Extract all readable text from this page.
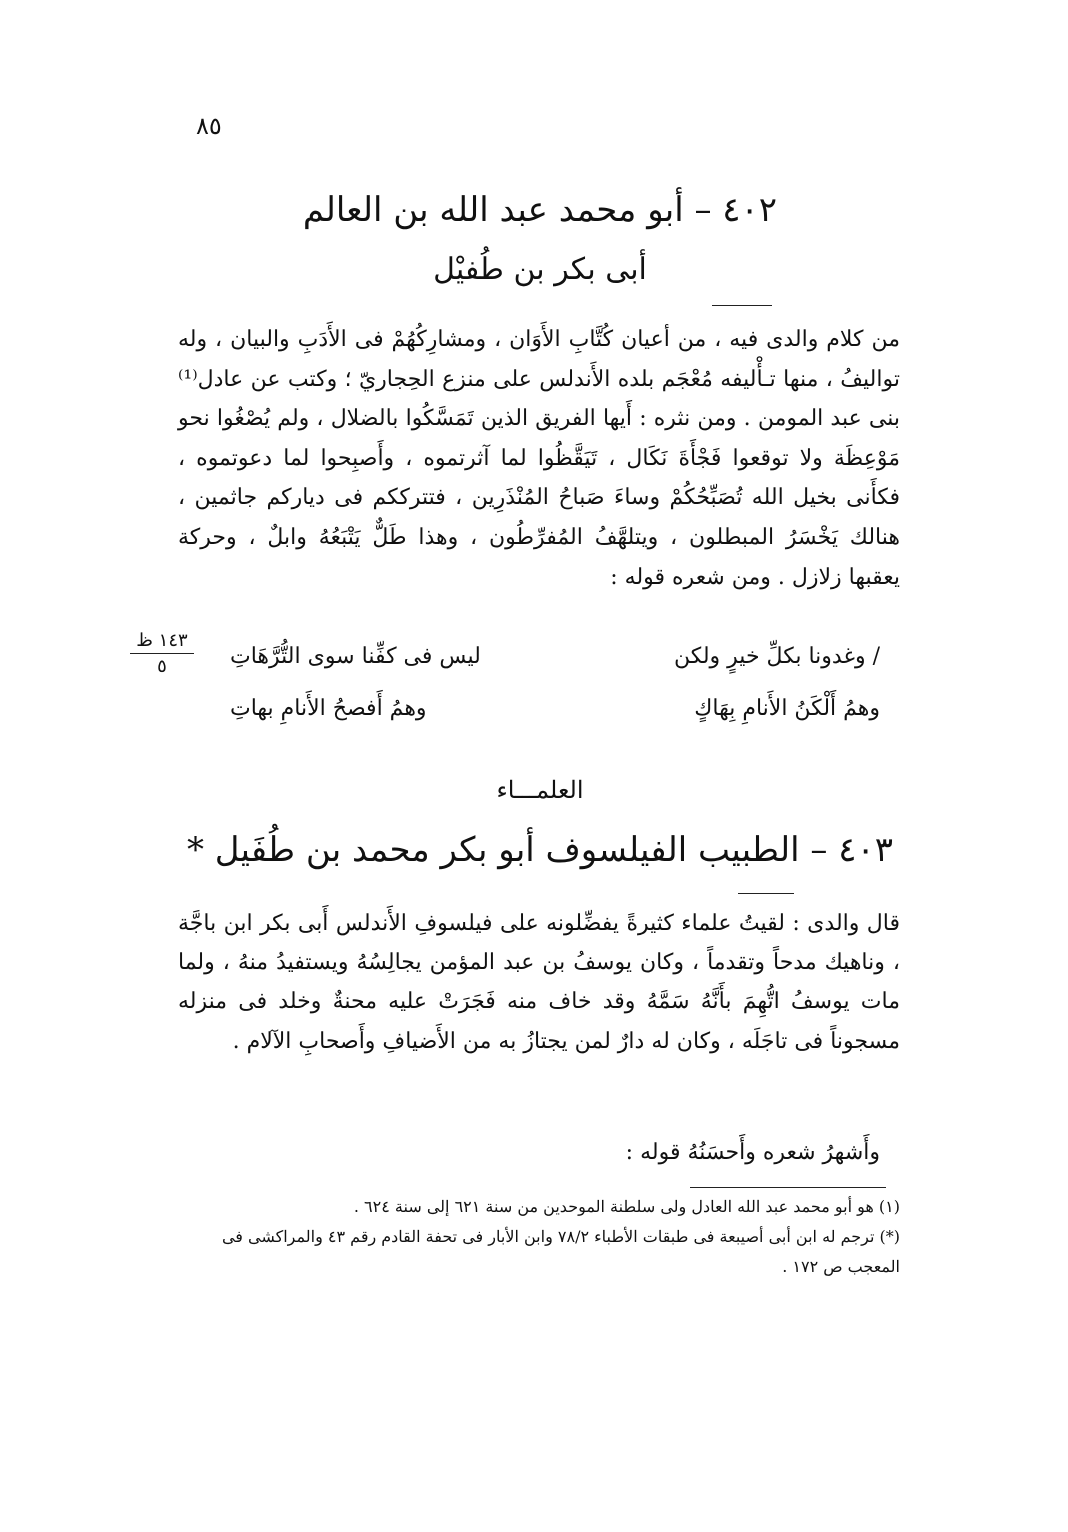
٨٥
٤٠٢ – أبو محمد عبد الله بن العالم
أبى بكر بن طُفيْل
من كلام والدى فيه ، من أعيان كُتَّابِ الأَوَان ، ومشارِكُهُمْ فى الأَدَبِ والبيان ، وله تواليفُ ، منها تـأْليفه مُعْجَم بلده الأَندلس على منزع الحِجاريّ ؛ وكتب عن عادل⁽¹⁾ بنى عبد المومن . ومن نثره : أَيها الفريق الذين تَمَسَّكُوا بالضلال ، ولم يُصْغُوا نحو مَوْعِظَة ولا توقعوا فَجْأَةَ نَكَال ، تَيَقَّظُوا لما آثرتموه ، وأَصبِحوا لما دعوتموه ، فكأَنى بخيل الله تُصَبِّحُكُمْ وساءَ صَباحُ المُنْذَرِين ، فتترككم فى دياركم جاثمين ، هنالك يَخْسَرُ المبطلون ، ويتلهَّفُ المُفرِّطُون ، وهذا طَلٌّ يَتْبَعُهُ وابلٌ ، وحركة يعقبها زلازل . ومن شعره قوله :
١٤٣ ظ
٥	/ وغدونا بكلِّ خيرٍ ولكن
ليس فى كفِّنا سوى التُّرَّهَاتِ
وهمُ أَلْكَنُ الأَنامِ بِهَاكٍ
وهمُ أَفصحُ الأَنامِ بهاتِ
العلمـــاء
٤٠٣ – الطبيب الفيلسوف أبو بكر محمد بن طُفَيل *
قال والدى : لقيتُ علماء كثيرةً يفضِّلونه على فيلسوفِ الأَندلس أَبى بكر ابن باجَّة ، وناهيك مدحاً وتقدماً ، وكان يوسفُ بن عبد المؤمن يجالِسُهُ ويستفيدُ منهُ ، ولما مات يوسفُ اتُّهِمَ بأَنَّهُ سَمَّهُ وقد خاف منه فَجَرَتْ عليه محنةٌ وخلد فى منزله مسجوناً فى تاجَلَه ، وكان له دارٌ لمن يجتازُ به من الأَضيافِ وأَصحابِ الآلام .
وأَشهرُ شعره وأَحسَنُهُ قوله :

(١) هو أبو محمد عبد الله العادل ولى سلطنة الموحدين من سنة ٦٢١ إلى سنة ٦٢٤ .

(*) ترجم له ابن أبى أصيبعة فى طبقات الأطباء ٧٨/٢ وابن الأبار فى تحفة القادم رقم ٤٣ والمراكشى فى المعجب ص ١٧٢ .
